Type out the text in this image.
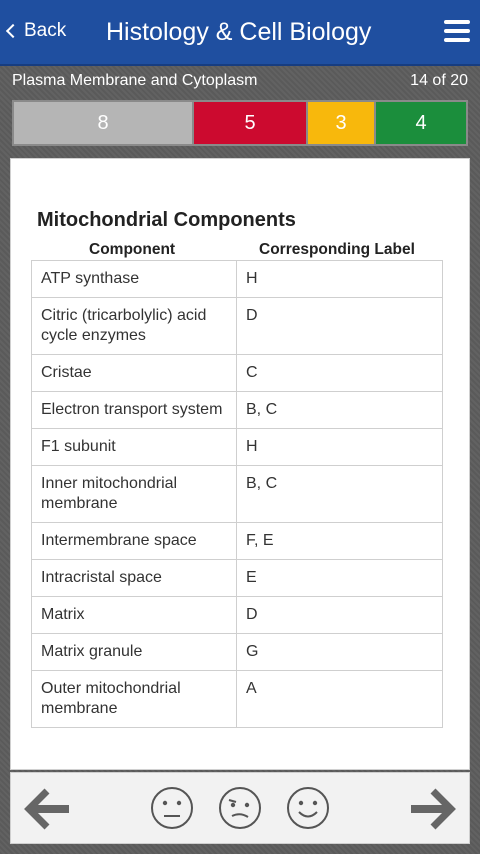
Back Histology & Cell Biology
Plasma Membrane and Cytoplasm	14 of 20
8	5	3	4
Mitochondrial Components
Component	Corresponding Label
ATP synthase	H
Citric (tricarbolylic) acid cycle enzymes	D
Cristae	C
Electron transport system	B, C
F1 subunit	H
Inner mitochondrial membrane	B, C
Intermembrane space	F, E
Intracristal space	E
Matrix	D
Matrix granule	G
Outer mitochondrial membrane	A
